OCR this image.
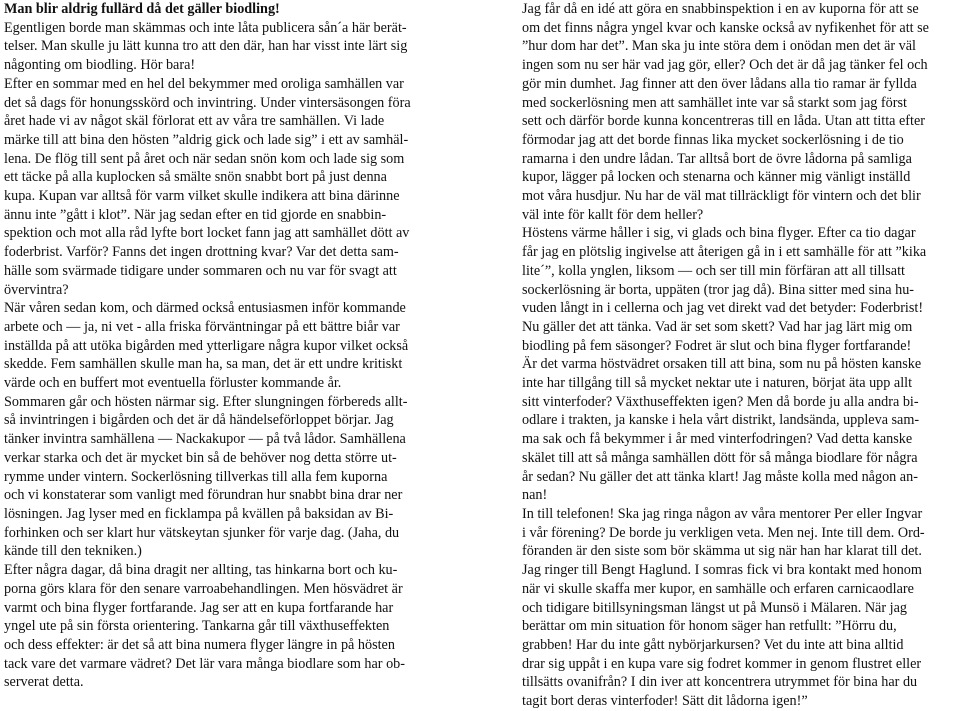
Man blir aldrig fullärd då det gäller biodling!
Egentligen borde man skämmas och inte låta publicera sån´a här berät-
telser. Man skulle ju lätt kunna tro att den där, han har visst inte lärt sig
någonting om biodling. Hör bara!
Efter en sommar med en hel del bekymmer med oroliga samhällen var
det så dags för honungsskörd och invintring. Under vintersäsongen föra
året hade vi av något skäl förlorat ett av våra tre samhällen. Vi lade
märke till att bina den hösten ”aldrig gick och lade sig” i ett av samhäl-
lena. De flög till sent på året och när sedan snön kom och lade sig som
ett täcke på alla kuplocken så smälte snön snabbt bort på just denna
kupa. Kupan var alltså för varm vilket skulle indikera att bina därinne
ännu inte ”gått i klot”. När jag sedan efter en tid gjorde en snabbin-
spektion och mot alla råd lyfte bort locket fann jag att samhället dött av
foderbrist. Varför? Fanns det ingen drottning kvar? Var det detta sam-
hälle som svärmade tidigare under sommaren och nu var för svagt att
övervintra?
När våren sedan kom, och därmed också entusiasmen inför kommande
arbete och — ja, ni vet - alla friska förväntningar på ett bättre biår var
inställda på att utöka bigården med ytterligare några kupor vilket också
skedde. Fem samhällen skulle man ha, sa man, det är ett undre kritiskt
värde och en buffert mot eventuella förluster kommande år.
Sommaren går och hösten närmar sig. Efter slungningen förbereds allt-
så invintringen i bigården och det är då händelseförloppet börjar. Jag
tänker invintra samhällena — Nackakupor — på två lådor. Samhällena
verkar starka och det är mycket bin så de behöver nog detta större ut-
rymme under vintern. Sockerlösning tillverkas till alla fem kuporna
och vi konstaterar som vanligt med förundran hur snabbt bina drar ner
lösningen. Jag lyser med en ficklampa på kvällen på baksidan av Bi-
forhinken och ser klart hur vätskeytan sjunker för varje dag. (Jaha, du
kände till den tekniken.)
Efter några dagar, då bina dragit ner allting, tas hinkarna bort och ku-
porna görs klara för den senare varroabehandlingen. Men hösvädret är
varmt och bina flyger fortfarande. Jag ser att en kupa fortfarande har
yngel ute på sin första orientering. Tankarna går till växthuseffekten
och dess effekter: är det så att bina numera flyger längre in på hösten
tack vare det varmare vädret? Det lär vara många biodlare som har ob-
serverat detta.
Jag får då en idé att göra en snabbinspektion i en av kuporna för att se
om det finns några yngel kvar och kanske också av nyfikenhet för att se
”hur dom har det”. Man ska ju inte störa dem i onödan men det är väl
ingen som nu ser här vad jag gör, eller? Och det är då jag tänker fel och
gör min dumhet. Jag finner att den över lådans alla tio ramar är fyllda
med sockerlösning men att samhället inte var så starkt som jag först
sett och därför borde kunna koncentreras till en låda. Utan att titta efter
förmodar jag att det borde finnas lika mycket sockerlösning i de tio
ramarna i den undre lådan. Tar alltså bort de övre lådorna på samliga
kupor, lägger på locken och stenarna och känner mig vänligt inställd
mot våra husdjur. Nu har de väl mat tillräckligt för vintern och det blir
väl inte för kallt för dem heller?
Höstens värme håller i sig, vi glads och bina flyger. Efter ca tio dagar
får jag en plötslig ingivelse att återigen gå in i ett samhälle för att ”kika
lite´”, kolla ynglen, liksom — och ser till min förfäran att all tillsatt
sockerlösning är borta, uppäten (tror jag då). Bina sitter med sina hu-
vuden långt in i cellerna och jag vet direkt vad det betyder: Foderbrist!
Nu gäller det att tänka. Vad är set som skett? Vad har jag lärt mig om
biodling på fem säsonger? Fodret är slut och bina flyger fortfarande!
Är det varma höstvädret orsaken till att bina, som nu på hösten kanske
inte har tillgång till så mycket nektar ute i naturen, börjat äta upp allt
sitt vinterfoder? Växthuseffekten igen? Men då borde ju alla andra bi-
odlare i trakten, ja kanske i hela vårt distrikt, landsända, uppleva sam-
ma sak och få bekymmer i år med vinterfodringen? Vad detta kanske
skälet till att så många samhällen dött för så många biodlare för några
år sedan? Nu gäller det att tänka klart! Jag måste kolla med någon an-
nan!
In till telefonen! Ska jag ringa någon av våra mentorer Per eller Ingvar
i vår förening? De borde ju verkligen veta. Men nej. Inte till dem. Ord-
föranden är den siste som bör skämma ut sig när han har klarat till det.
Jag ringer till Bengt Haglund. I somras fick vi bra kontakt med honom
när vi skulle skaffa mer kupor, en samhälle och erfaren carnicaodlare
och tidigare bitillsyningsman längst ut på Munsö i Mälaren. När jag
berättar om min situation för honom säger han retfullt: ”Hörru du,
grabben! Har du inte gått nybörjarkursen? Vet du inte att bina alltid
drar sig uppåt i en kupa vare sig fodret kommer in genom flustret eller
tillsätts ovanifrån? I din iver att koncentrera utrymmet för bina har du
tagit bort deras vinterfoder! Sätt dit lådorna igen!”
